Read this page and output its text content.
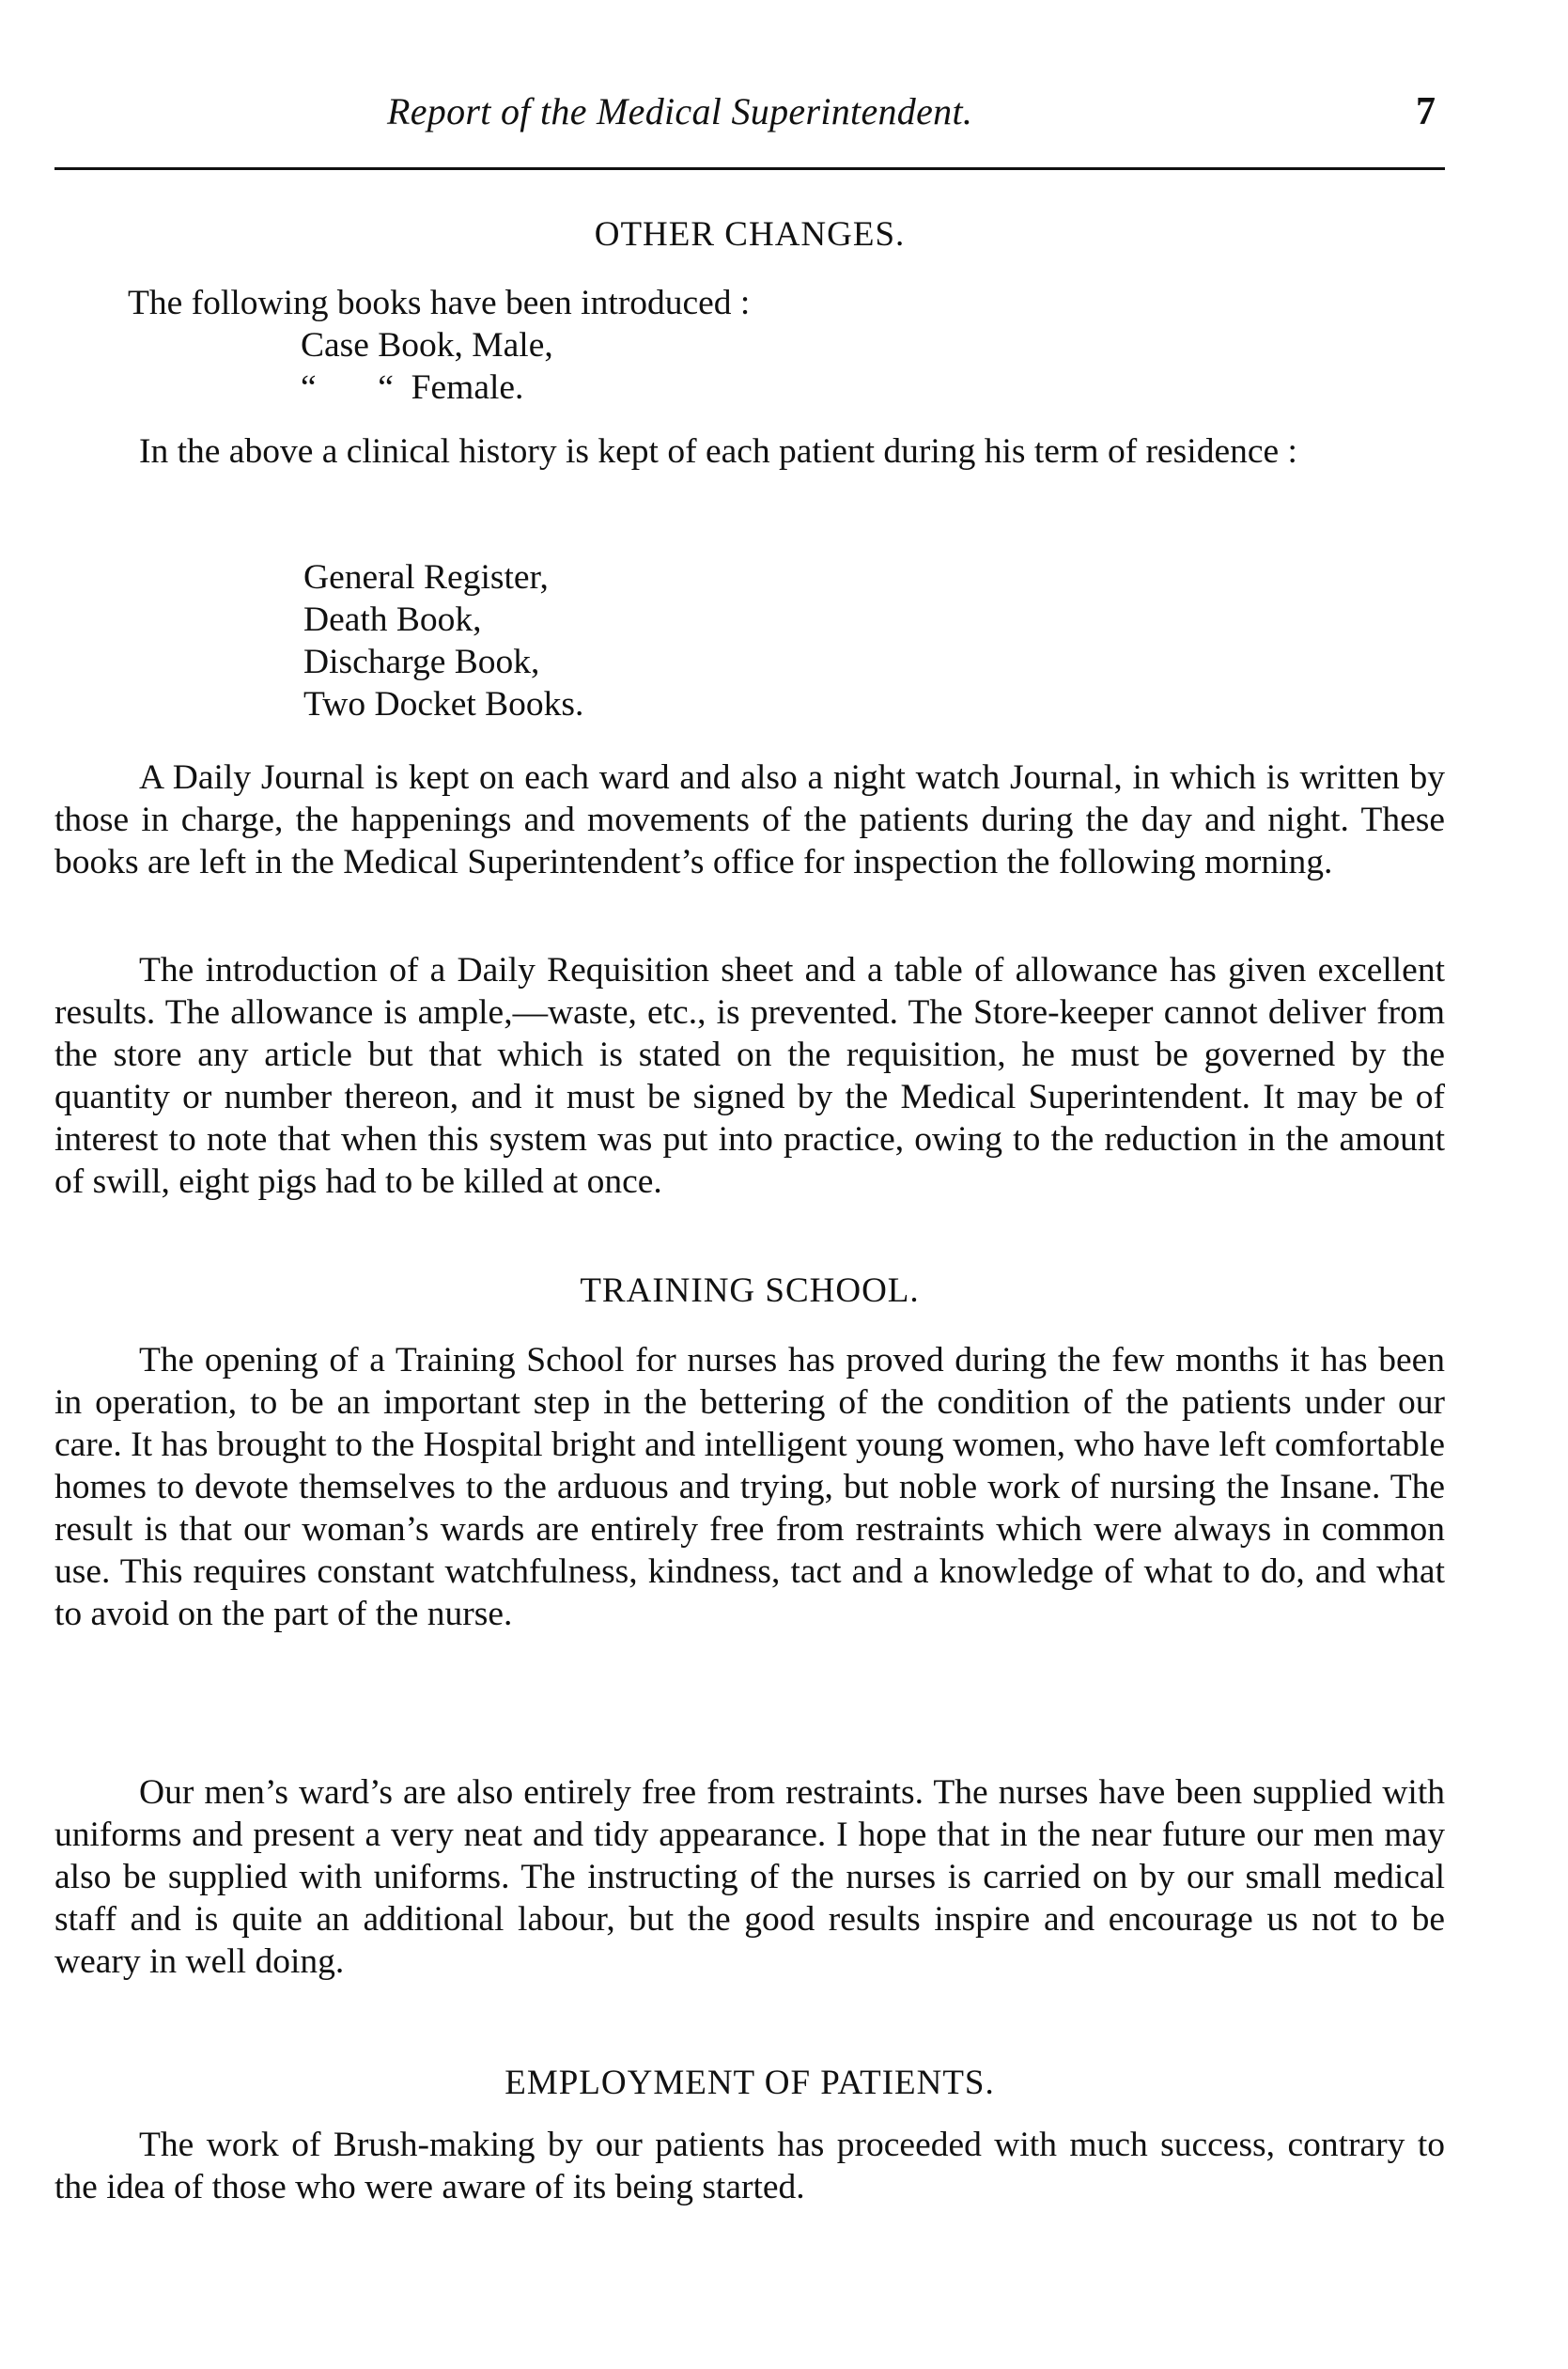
Report of the Medical Superintendent.	7
OTHER CHANGES.

The following books have been introduced :

Case Book, Male,
“       “  Female.

In the above a clinical history is kept of each patient during his term of residence :

General Register,
Death Book,
Discharge Book,
Two Docket Books.

A Daily Journal is kept on each ward and also a night watch Journal, in which is written by those in charge, the happenings and movements of the patients during the day and night. These books are left in the Medical Superintendent’s office for inspection the following morning.

The introduction of a Daily Requisition sheet and a table of allowance has given excellent results. The allowance is ample,—waste, etc., is prevented. The Store-keeper cannot deliver from the store any article but that which is stated on the requisition, he must be governed by the quantity or number thereon, and it must be signed by the Medical Superintendent. It may be of interest to note that when this system was put into practice, owing to the reduction in the amount of swill, eight pigs had to be killed at once.

TRAINING SCHOOL.

The opening of a Training School for nurses has proved during the few months it has been in operation, to be an important step in the bettering of the condition of the patients under our care. It has brought to the Hospital bright and intelligent young women, who have left comfortable homes to devote themselves to the arduous and trying, but noble work of nursing the Insane. The result is that our woman’s wards are entirely free from restraints which were always in common use. This requires constant watchfulness, kindness, tact and a knowledge of what to do, and what to avoid on the part of the nurse.

Our men’s ward’s are also entirely free from restraints. The nurses have been supplied with uniforms and present a very neat and tidy appearance. I hope that in the near future our men may also be supplied with uniforms. The instructing of the nurses is carried on by our small medical staff and is quite an additional labour, but the good results inspire and encourage us not to be weary in well doing.

EMPLOYMENT OF PATIENTS.

The work of Brush-making by our patients has proceeded with much success, contrary to the idea of those who were aware of its being started.
